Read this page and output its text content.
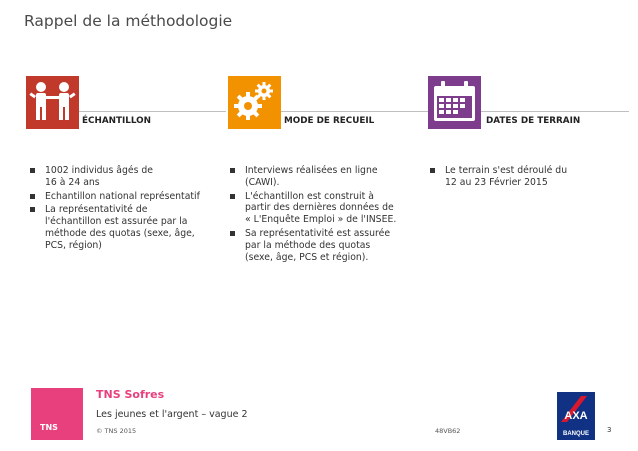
Rappel de la méthodologie
ÉCHANTILLON	MODE DE RECUEIL	DATES DE TERRAIN
1002 individus âgés de
16 à 24 ans
Echantillon national représentatif
La représentativité de
l'échantillon est assurée par la
méthode des quotas (sexe, âge,
PCS, région)
Interviews réalisées en ligne
(CAWI).
L'échantillon est construit à
partir des dernières données de
« L'Enquête Emploi » de l'INSEE.
Sa représentativité est assurée
par la méthode des quotas
(sexe, âge, PCS et région).
Le terrain s'est déroulé du
12 au 23 Février 2015
TNS
TNS Sofres
Les jeunes et l'argent – vague 2
© TNS 2015	48VB62
AXA
BANQUE	3
